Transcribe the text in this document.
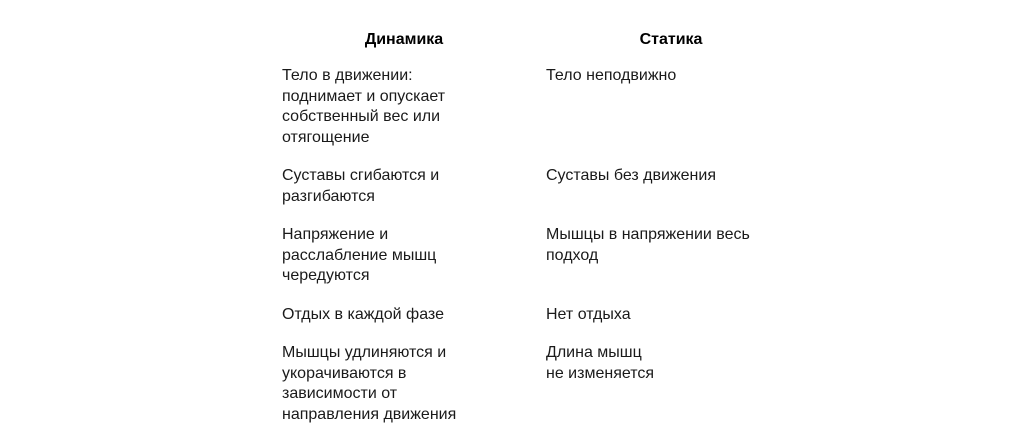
Динамика	Статика

Тело в движении:
поднимает и опускает
собственный вес или
отягощение	Тело неподвижно

Суставы сгибаются и
разгибаются	Суставы без движения

Напряжение и
расслабление мышц
чередуются	Мышцы в напряжении весь
подход

Отдых в каждой фазе	Нет отдыха

Мышцы удлиняются и
укорачиваются в
зависимости от
направления движения	Длина мышц
не изменяется
